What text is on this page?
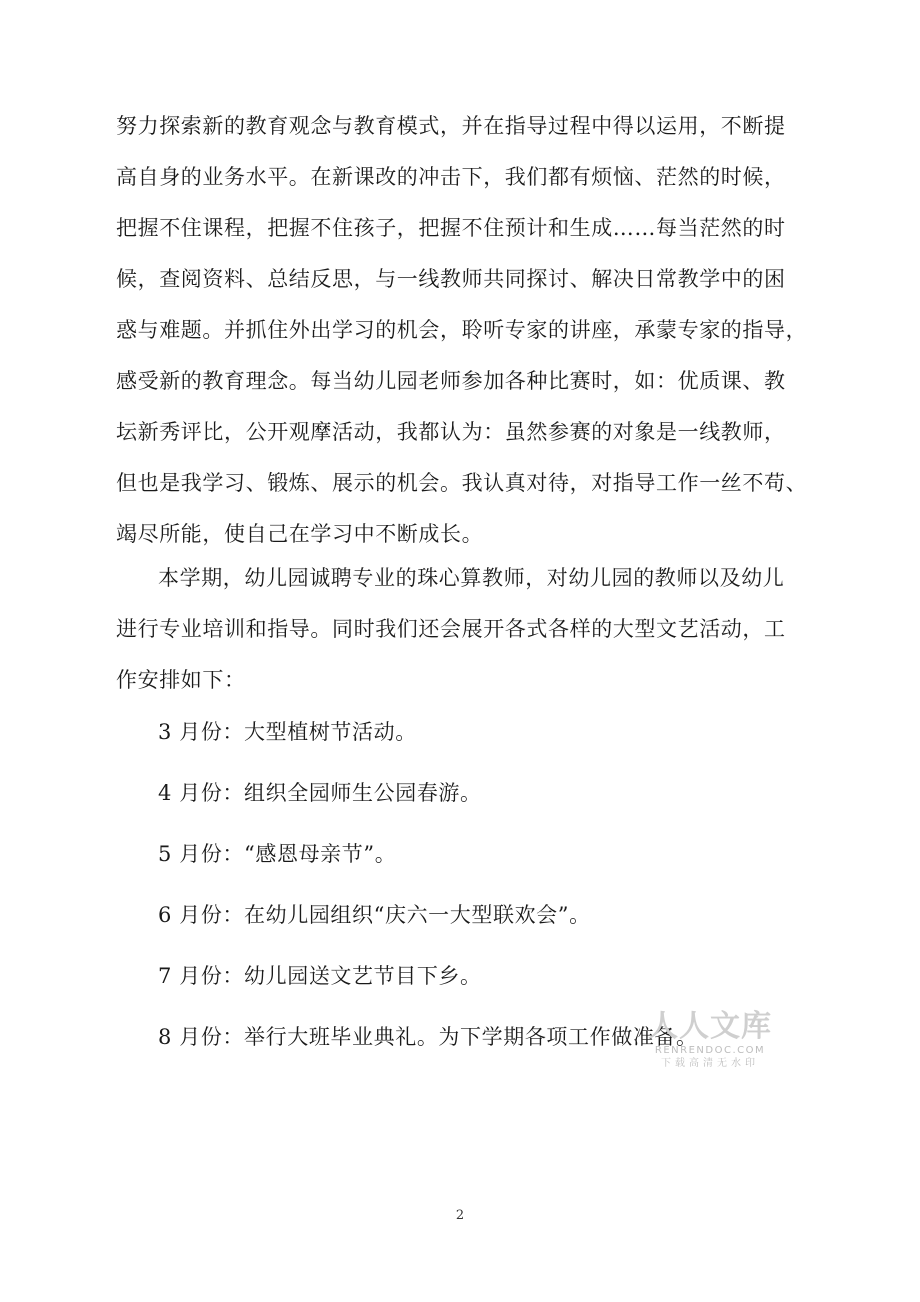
努力探索新的教育观念与教育模式，并在指导过程中得以运用，不断提
高自身的业务水平。在新课改的冲击下，我们都有烦恼、茫然的时候，
把握不住课程，把握不住孩子，把握不住预计和生成……每当茫然的时
候，查阅资料、总结反思，与一线教师共同探讨、解决日常教学中的困
惑与难题。并抓住外出学习的机会，聆听专家的讲座，承蒙专家的指导，
感受新的教育理念。每当幼儿园老师参加各种比赛时，如：优质课、教
坛新秀评比，公开观摩活动，我都认为：虽然参赛的对象是一线教师，
但也是我学习、锻炼、展示的机会。我认真对待，对指导工作一丝不苟、
竭尽所能，使自己在学习中不断成长。
本学期，幼儿园诚聘专业的珠心算教师，对幼儿园的教师以及幼儿
进行专业培训和指导。同时我们还会展开各式各样的大型文艺活动，工
作安排如下：
3 月份：大型植树节活动。
4 月份：组织全园师生公园春游。
5 月份：“感恩母亲节”。
6 月份：在幼儿园组织“庆六一大型联欢会”。
7 月份：幼儿园送文艺节目下乡。
8 月份：举行大班毕业典礼。为下学期各项工作做准备。
人人文库
RENRENDOC.COM
下载高清无水印
2
